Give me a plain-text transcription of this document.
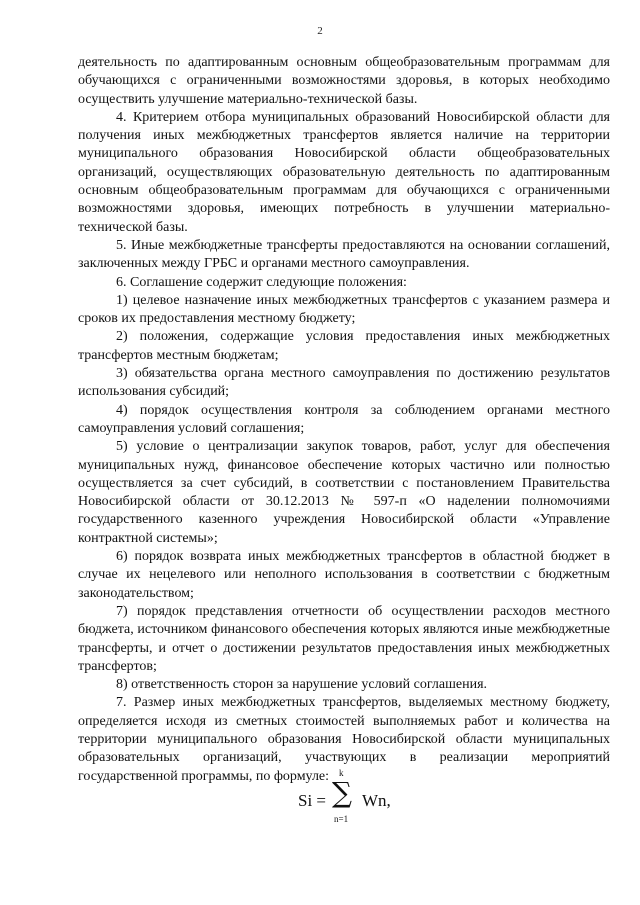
2

деятельность по адаптированным основным общеобразовательным программам для обучающихся с ограниченными возможностями здоровья, в которых необходимо осуществить улучшение материально-технической базы.

4. Критерием отбора муниципальных образований Новосибирской области для получения иных межбюджетных трансфертов является наличие на территории муниципального образования Новосибирской области общеобразовательных организаций, осуществляющих образовательную деятельность по адаптированным основным общеобразовательным программам для обучающихся с ограниченными возможностями здоровья, имеющих потребность в улучшении материально-технической базы.

5. Иные межбюджетные трансферты предоставляются на основании соглашений, заключенных между ГРБС и органами местного самоуправления.

6. Соглашение содержит следующие положения:

1) целевое назначение иных межбюджетных трансфертов с указанием размера и сроков их предоставления местному бюджету;

2) положения, содержащие условия предоставления иных межбюджетных трансфертов местным бюджетам;

3) обязательства органа местного самоуправления по достижению результатов использования субсидий;

4) порядок осуществления контроля за соблюдением органами местного самоуправления условий соглашения;

5) условие о централизации закупок товаров, работ, услуг для обеспечения муниципальных нужд, финансовое обеспечение которых частично или полностью осуществляется за счет субсидий, в соответствии с постановлением Правительства Новосибирской области от 30.12.2013 № 597-п «О наделении полномочиями государственного казенного учреждения Новосибирской области «Управление контрактной системы»;

6) порядок возврата иных межбюджетных трансфертов в областной бюджет в случае их нецелевого или неполного использования в соответствии с бюджетным законодательством;

7) порядок представления отчетности об осуществлении расходов местного бюджета, источником финансового обеспечения которых являются иные межбюджетные трансферты, и отчет о достижении результатов предоставления иных межбюджетных трансфертов;

8) ответственность сторон за нарушение условий соглашения.

7. Размер иных межбюджетных трансфертов, выделяемых местному бюджету, определяется исходя из сметных стоимостей выполняемых работ и количества на территории муниципального образования Новосибирской области муниципальных образовательных организаций, участвующих в реализации мероприятий государственной программы, по формуле:

Si =
k
∑
n=1
Wn,
